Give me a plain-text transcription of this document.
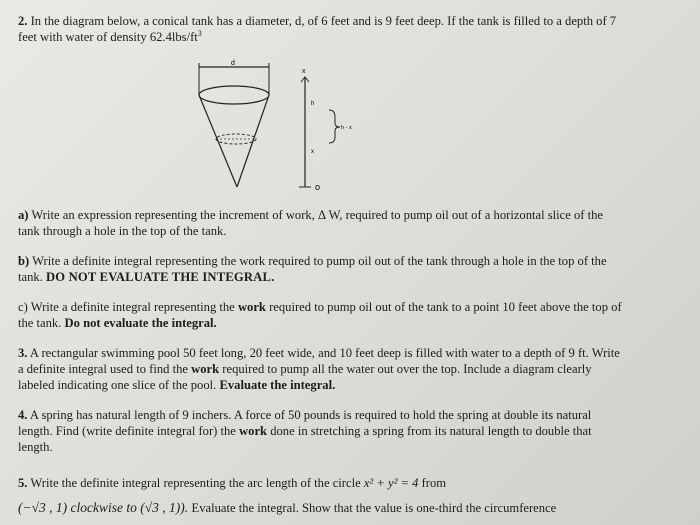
2. In the diagram below, a conical tank has a diameter, d, of 6 feet and is 9 feet deep. If the tank is filled to a depth of 7
feet with water of density $62.4lbs/ft^3$
d
x
h
h - x
x
o
a) Write an expression representing the increment of work, Δ W, required to pump oil out of a horizontal slice of the
tank through a hole in the top of the tank.
b) Write a definite integral representing the work required to pump oil out of the tank through a hole in the top of the
tank. DO NOT EVALUATE THE INTEGRAL.
c) Write a definite integral representing the work required to pump oil out of the tank to a point 10 feet above the top of
the tank. Do not evaluate the integral.
3. A rectangular swimming pool 50 feet long, 20 feet wide, and 10 feet deep is filled with water to a depth of 9 ft. Write
a definite integral used to find the work required to pump all the water out over the top. Include a diagram clearly
labeled indicating one slice of the pool. Evaluate the integral.
4. A spring has natural length of 9 inchers. A force of 50 pounds is required to hold the spring at double its natural
length. Find (write definite integral for) the work done in stretching a spring from its natural length to double that
length.
5. Write the definite integral representing the arc length of the circle x² + y² = 4 from
(−√3 , 1) clockwise to (√3 , 1)). Evaluate the integral. Show that the value is one-third the circumference
